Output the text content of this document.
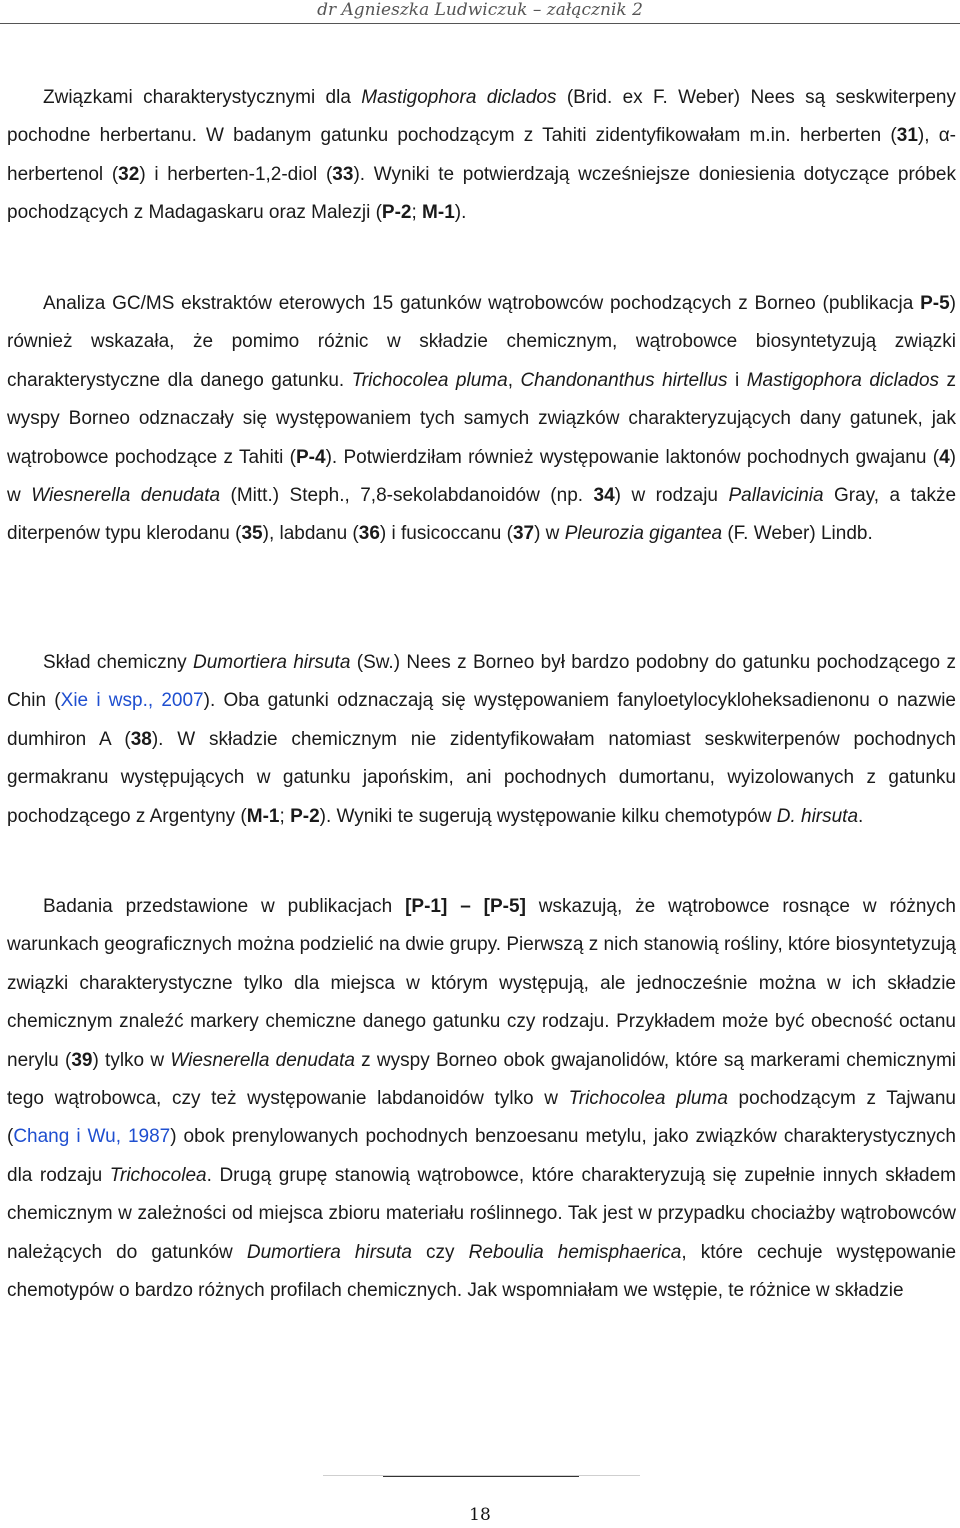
dr Agnieszka Ludwiczuk – załącznik 2
Związkami charakterystycznymi dla Mastigophora diclados (Brid. ex F. Weber) Nees są seskwiterpeny pochodne herbertanu. W badanym gatunku pochodzącym z Tahiti zidentyfikowałam m.in. herberten (31), α-herbertenol (32) i herberten-1,2-diol (33). Wyniki te potwierdzają wcześniejsze doniesienia dotyczące próbek pochodzących z Madagaskaru oraz Malezji (P-2; M-1).
Analiza GC/MS ekstraktów eterowych 15 gatunków wątrobowców pochodzących z Borneo (publikacja P-5) również wskazała, że pomimo różnic w składzie chemicznym, wątrobowce biosyntetyzują związki charakterystyczne dla danego gatunku. Trichocolea pluma, Chandonanthus hirtellus i Mastigophora diclados z wyspy Borneo odznaczały się występowaniem tych samych związków charakteryzujących dany gatunek, jak wątrobowce pochodzące z Tahiti (P-4). Potwierdziłam również występowanie laktonów pochodnych gwajanu (4) w Wiesnerella denudata (Mitt.) Steph., 7,8-sekolabdanoidów (np. 34) w rodzaju Pallavicinia Gray, a także diterpenów typu klerodanu (35), labdanu (36) i fusicoccanu (37) w Pleurozia gigantea (F. Weber) Lindb.
Skład chemiczny Dumortiera hirsuta (Sw.) Nees z Borneo był bardzo podobny do gatunku pochodzącego z Chin (Xie i wsp., 2007). Oba gatunki odznaczają się występowaniem fanyloetylocykloheksadienonu o nazwie dumhiron A (38). W składzie chemicznym nie zidentyfikowałam natomiast seskwiterpenów pochodnych germakranu występujących w gatunku japońskim, ani pochodnych dumortanu, wyizolowanych z gatunku pochodzącego z Argentyny (M-1; P-2). Wyniki te sugerują występowanie kilku chemotypów D. hirsuta.
Badania przedstawione w publikacjach [P-1] – [P-5] wskazują, że wątrobowce rosnące w różnych warunkach geograficznych można podzielić na dwie grupy. Pierwszą z nich stanowią rośliny, które biosyntetyzują związki charakterystyczne tylko dla miejsca w którym występują, ale jednocześnie można w ich składzie chemicznym znaleźć markery chemiczne danego gatunku czy rodzaju. Przykładem może być obecność octanu nerylu (39) tylko w Wiesnerella denudata z wyspy Borneo obok gwajanolidów, które są markerami chemicznymi tego wątrobowca, czy też występowanie labdanoidów tylko w Trichocolea pluma pochodzącym z Tajwanu (Chang i Wu, 1987) obok prenylowanych pochodnych benzoesanu metylu, jako związków charakterystycznych dla rodzaju Trichocolea. Drugą grupę stanowią wątrobowce, które charakteryzują się zupełnie innych składem chemicznym w zależności od miejsca zbioru materiału roślinnego. Tak jest w przypadku chociażby wątrobowców należących do gatunków Dumortiera hirsuta czy Reboulia hemisphaerica, które cechuje występowanie chemotypów o bardzo różnych profilach chemicznych. Jak wspomniałam we wstępie, te różnice w składzie
18
